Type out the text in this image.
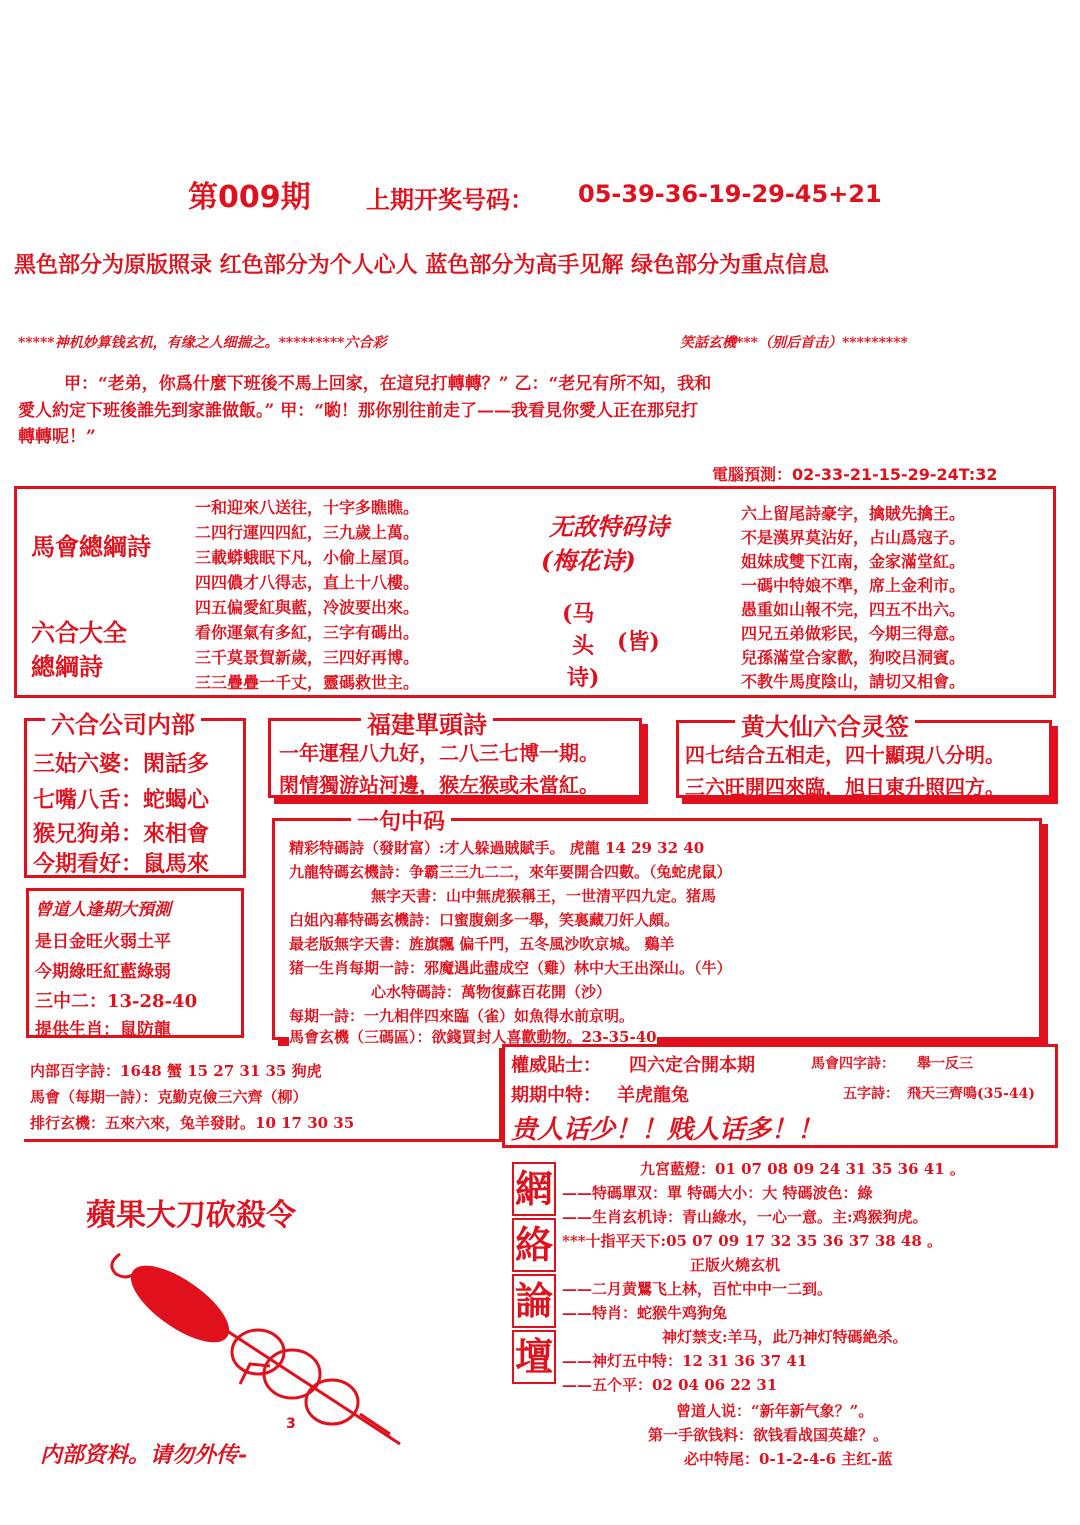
第009期 上期开奖号码： 05-39-36-19-29-45+21
黑色部分为原版照录 红色部分为个人心人 蓝色部分为高手见解 绿色部分为重点信息
*****神机妙算钱玄机，有缘之人细揣之。*********六合彩	笑話玄機***（别后首击）*********
甲：“老弟，你爲什麼下班後不馬上回家，在這兒打轉轉？” 乙：“老兄有所不知，我和
愛人約定下班後誰先到家誰做飯。” 甲：“喲！那你别往前走了——我看見你愛人正在那兒打
轉轉呢！”
電腦預測：02-33-21-15-29-24T:32
馬會總綱詩
六合大全
總綱詩
一和迎來八送往，十字多瞧瞧。
二四行運四四紅，三九歲上萬。
三載蟒蛾眠下凡，小偷上屋頂。
四四儂才八得志，直上十八樓。
四五偏愛紅與藍，冷波要出來。
看你運氣有多紅，三字有碼出。
三千莫景賀新歲，三四好再博。
三三疊疊一千丈，靈碼救世主。
无敌特码诗
(梅花诗)
(马
头 (皆)
诗)
六上留尾詩豪字，擒賊先擒王。
不是漢界莫沾好，占山爲寇子。
姐妹成雙下江南，金家滿堂紅。
一碼中特娘不準，席上金利市。
愚重如山報不完，四五不出六。
四兄五弟做彩民，今期三得意。
兒孫滿堂合家歡，狗咬吕洞賓。
不教牛馬度陰山，請切又相會。
六合公司内部
三姑六婆：閑話多
七嘴八舌：蛇蝎心
猴兄狗弟：來相會
今期看好：鼠馬來
福建單頭詩
一年運程八九好，二八三七博一期。
閑情獨游站河邊，猴左猴或未當紅。
黄大仙六合灵签
四七结合五相走，四十顯現八分明。
三六旺開四來臨，旭日東升照四方。
一句中码
精彩特碼詩（發財富）:才人躲過賊賦手。 虎龍 14 29 32 40
九龍特碼玄機詩：争霸三三九二二，來年要開合四數。（兔蛇虎鼠）
無字天書：山中無虎猴稱王，一世清平四九定。猪馬
白姐內幕特碼玄機詩：口蜜腹劍多一舉，笑裏藏刀奸人頗。
最老版無字天書：旌旗飄 偏千門，五冬風沙吹京城。 鷄羊
猪一生肖每期一詩：邪魔遇此盡成空（雞）林中大王出深山。（牛）
心水特碼詩：萬物復蘇百花開（沙）
每期一詩：一九相伴四來臨（雀）如魚得水前京明。
馬會玄機（三碼區）：欲錢買封人喜歡動物。23-35-40
曾道人逢期大預測
是日金旺火弱土平
今期綠旺紅藍綠弱
三中二：13-28-40
提供生肖：鼠防龍
内部百字詩：1648 蟹 15 27 31 35 狗虎
馬會（每期一詩）：克勤克儉三六齊（柳）
排行玄機：五來六來，兔羊發財。10 17 30 35
權威貼士： 四六定合開本期	馬會四字詩： 舉一反三
期期中特： 羊虎龍兔	五字詩： 飛天三齊鳴(35-44)
贵人话少！！贱人话多！！
蘋果大刀砍殺令
3
内部资料。请勿外传-
網
絡
論
壇
九宮藍燈：01 07 08 09 24 31 35 36 41 。
——特碼單双：單 特碼大小：大 特碼波色：綠
——生肖玄机诗：青山綠水，一心一意。主:鸡猴狗虎。
***十指平天下:05 07 09 17 32 35 36 37 38 48 。
正版火燒玄机
——二月黄鸎飞上林，百忙中中一二到。
——特肖：蛇猴牛鸡狗兔
神灯禁支:羊马，此乃神灯特碼絶杀。
——神灯五中特：12 31 36 37 41
——五个平：02 04 06 22 31
曾道人说：“新年新气象？”。
第一手欲钱料：欲钱看战国英雄？。
必中特尾：0-1-2-4-6 主红-蓝
